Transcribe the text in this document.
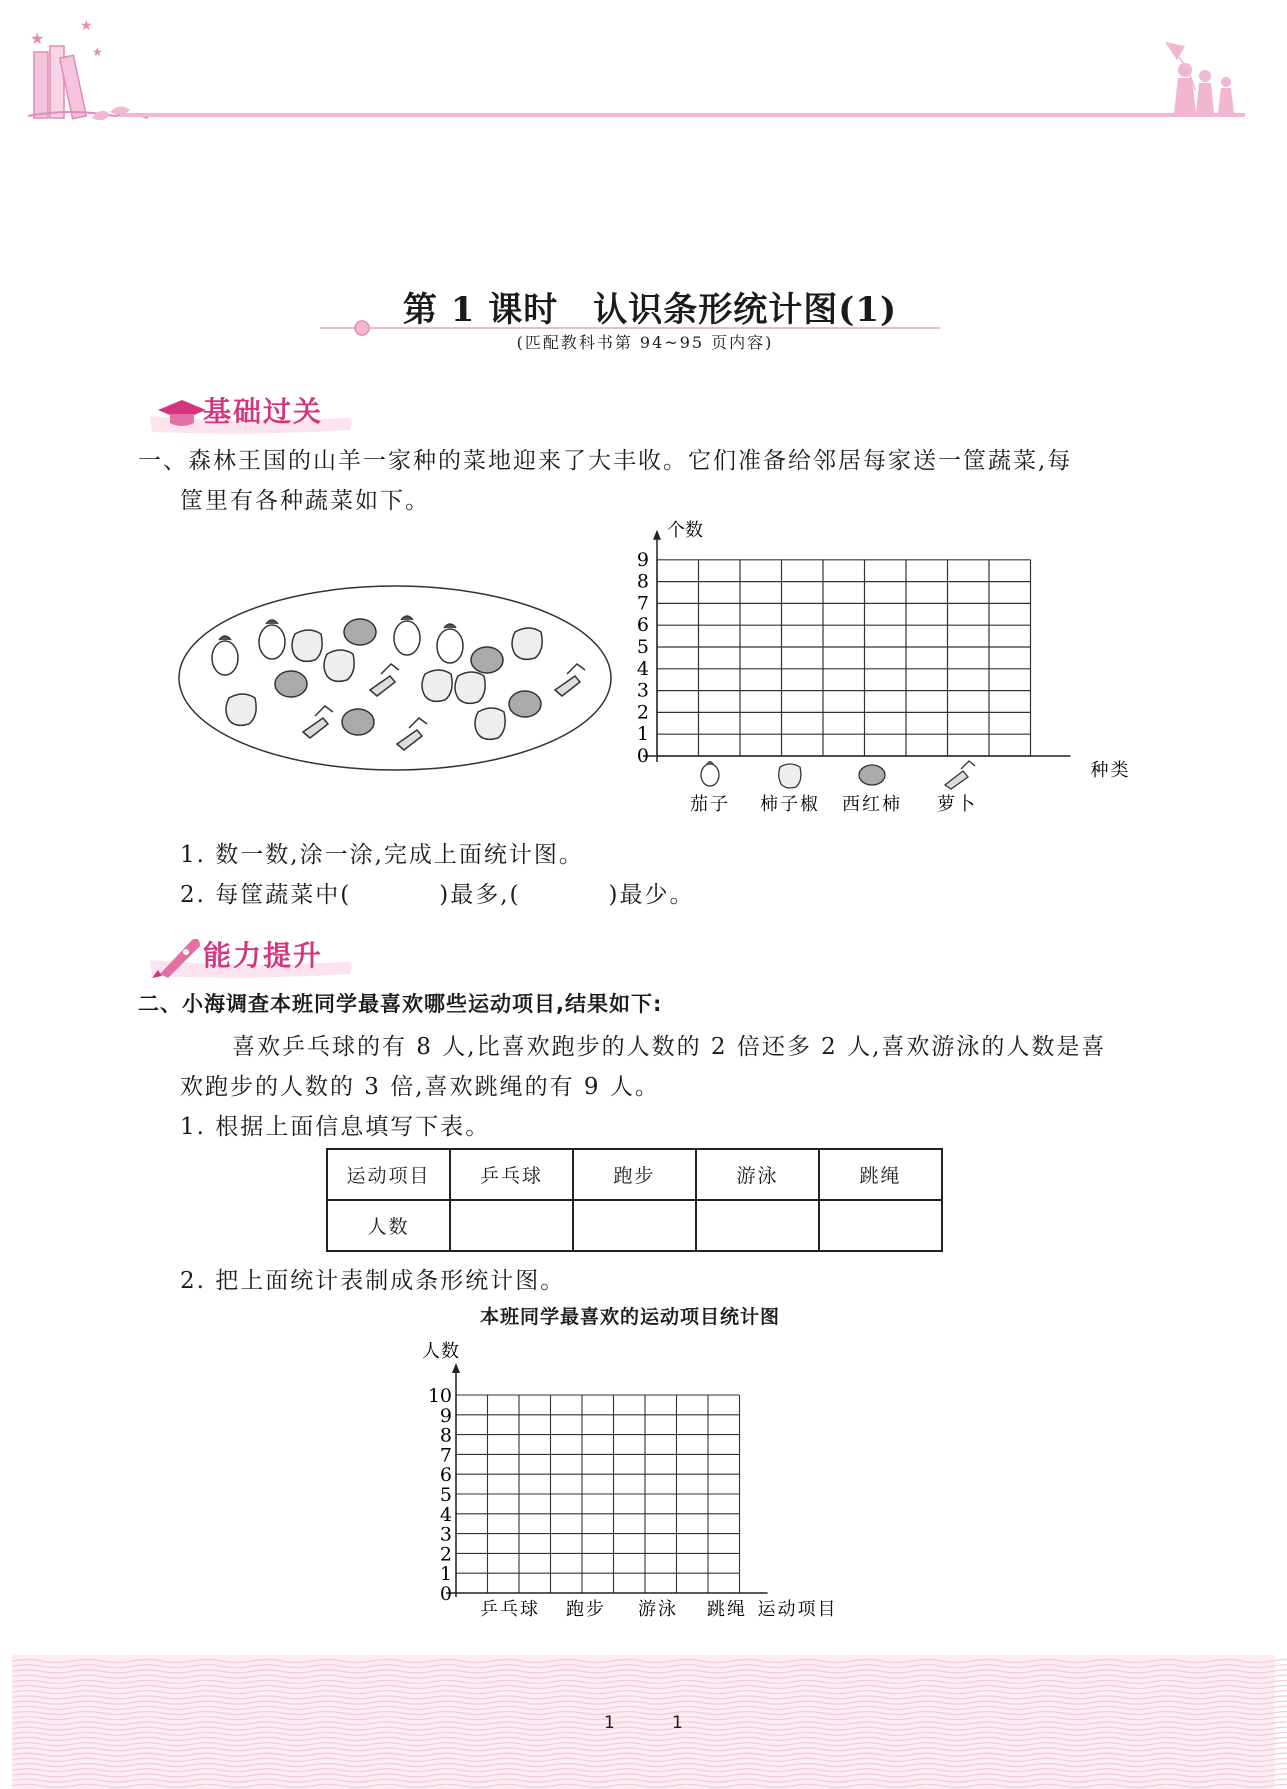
★
★
★
第 1 课时　认识条形统计图(1)
(匹配教科书第 94~95 页内容)
基础过关
一、森林王国的山羊一家种的菜地迎来了大丰收。它们准备给邻居每家送一筐蔬菜,每
筐里有各种蔬菜如下。
0
1
2
3
4
5
6
7
8
9
个数
种类
茄子 柿子椒 西红柿 萝卜
1. 数一数,涂一涂,完成上面统计图。
2. 每筐蔬菜中(	)最多,(	)最少。
能力提升
二、小海调查本班同学最喜欢哪些运动项目,结果如下:
喜欢乒乓球的有 8 人,比喜欢跑步的人数的 2 倍还多 2 人,喜欢游泳的人数是喜
欢跑步的人数的 3 倍,喜欢跳绳的有 9 人。
1. 根据上面信息填写下表。
运动项目	乒乓球	跑步	游泳	跳绳
人数				
2. 把上面统计表制成条形统计图。
本班同学最喜欢的运动项目统计图
0
1
2
3
4
5
6
7
8
9
10
人数
运动项目
乒乓球 跑步 游泳 跳绳
1	1
